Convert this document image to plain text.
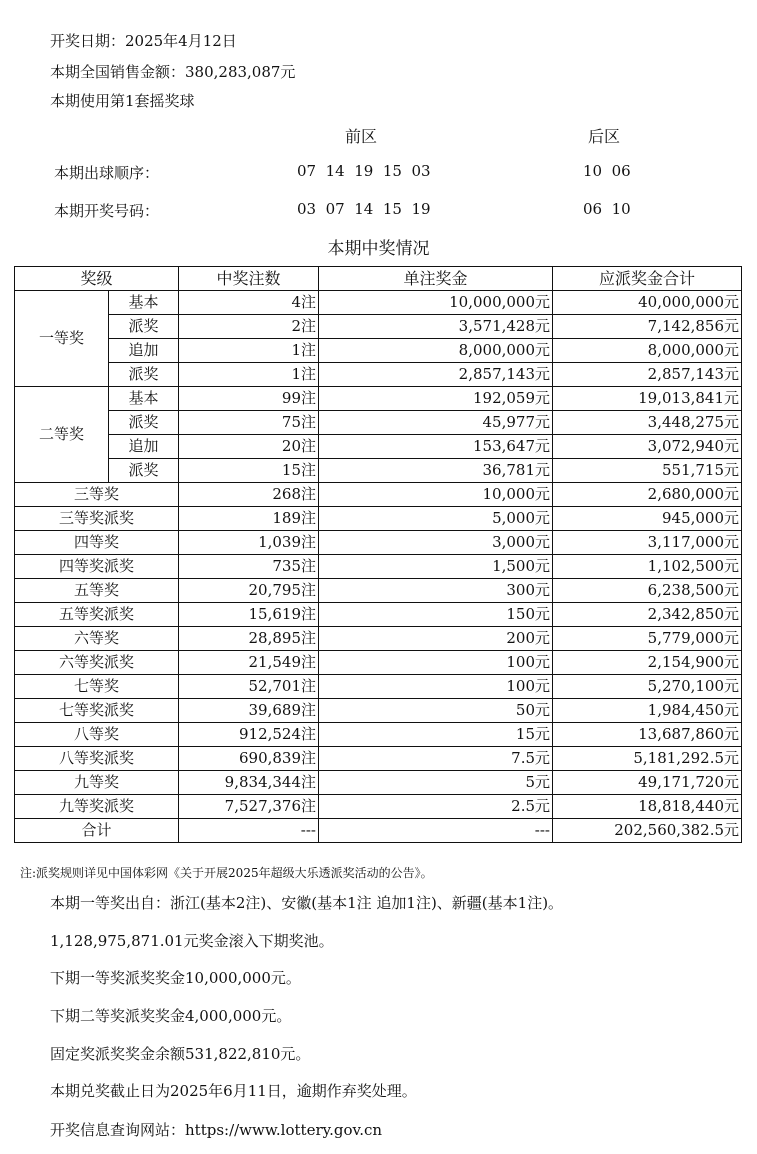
开奖日期：2025年4月12日
本期全国销售金额：380,283,087元
本期使用第1套摇奖球
前区	后区
本期出球顺序：	07  14  19  15  03	10  06
本期开奖号码：	03  07  14  15  19	06  10
本期中奖情况
奖级		中奖注数	单注奖金	应派奖金合计
一等奖	基本	4注	10,000,000元	40,000,000元
	派奖	2注	3,571,428元	7,142,856元
	追加	1注	8,000,000元	8,000,000元
	派奖	1注	2,857,143元	2,857,143元
二等奖	基本	99注	192,059元	19,013,841元
	派奖	75注	45,977元	3,448,275元
	追加	20注	153,647元	3,072,940元
	派奖	15注	36,781元	551,715元
三等奖		268注	10,000元	2,680,000元
三等奖派奖		189注	5,000元	945,000元
四等奖		1,039注	3,000元	3,117,000元
四等奖派奖		735注	1,500元	1,102,500元
五等奖		20,795注	300元	6,238,500元
五等奖派奖		15,619注	150元	2,342,850元
六等奖		28,895注	200元	5,779,000元
六等奖派奖		21,549注	100元	2,154,900元
七等奖		52,701注	100元	5,270,100元
七等奖派奖		39,689注	50元	1,984,450元
八等奖		912,524注	15元	13,687,860元
八等奖派奖		690,839注	7.5元	5,181,292.5元
九等奖		9,834,344注	5元	49,171,720元
九等奖派奖		7,527,376注	2.5元	18,818,440元
合计		---	---	202,560,382.5元
注:派奖规则详见中国体彩网《关于开展2025年超级大乐透派奖活动的公告》。
本期一等奖出自：浙江(基本2注)、安徽(基本1注 追加1注)、新疆(基本1注)。
1,128,975,871.01元奖金滚入下期奖池。
下期一等奖派奖奖金10,000,000元。
下期二等奖派奖奖金4,000,000元。
固定奖派奖奖金余额531,822,810元。
本期兑奖截止日为2025年6月11日，逾期作弃奖处理。
开奖信息查询网站：https://www.lottery.gov.cn
